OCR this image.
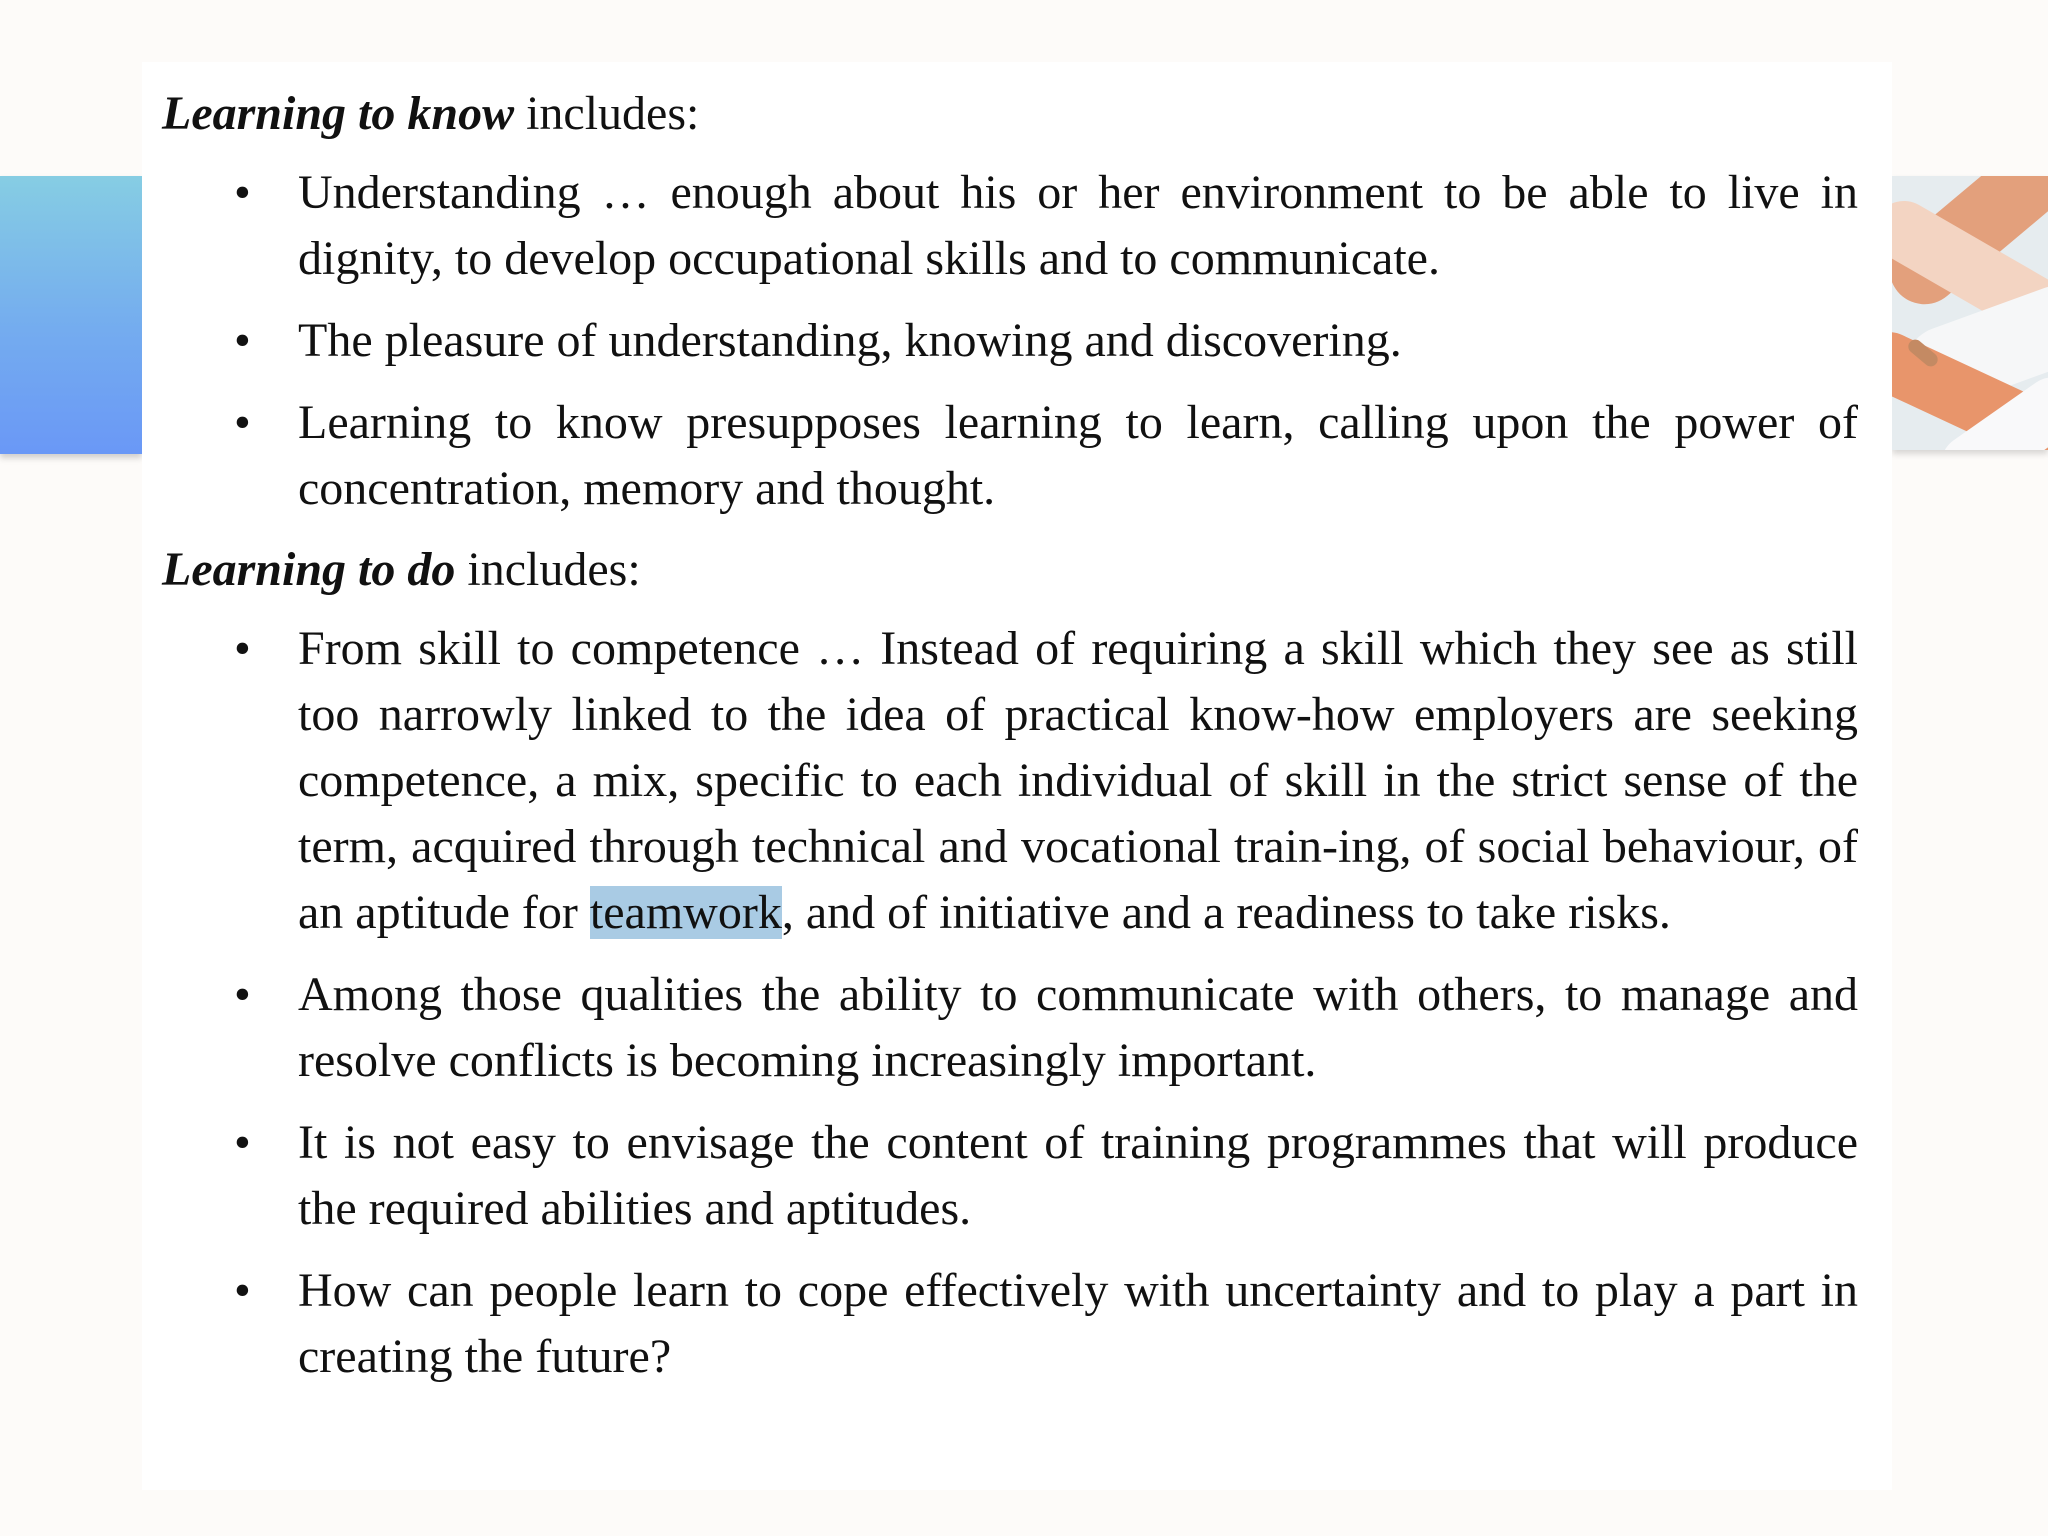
Learning to know includes:

• Understanding … enough about his or her environment to be able to live in dignity, to develop occupational skills and to communicate.
• The pleasure of understanding, knowing and discovering.
• Learning to know presupposes learning to learn, calling upon the power of concentration, memory and thought.

Learning to do includes:

• From skill to competence … Instead of requiring a skill which they see as still too narrowly linked to the idea of practical know-how employers are seeking competence, a mix, specific to each individual of skill in the strict sense of the term, acquired through technical and vocational train-ing, of social behaviour, of an aptitude for teamwork, and of initiative and a readiness to take risks.
• Among those qualities the ability to communicate with others, to manage and resolve conflicts is becoming increasingly important.
• It is not easy to envisage the content of training programmes that will produce the required abilities and aptitudes.
• How can people learn to cope effectively with uncertainty and to play a part in creating the future?
